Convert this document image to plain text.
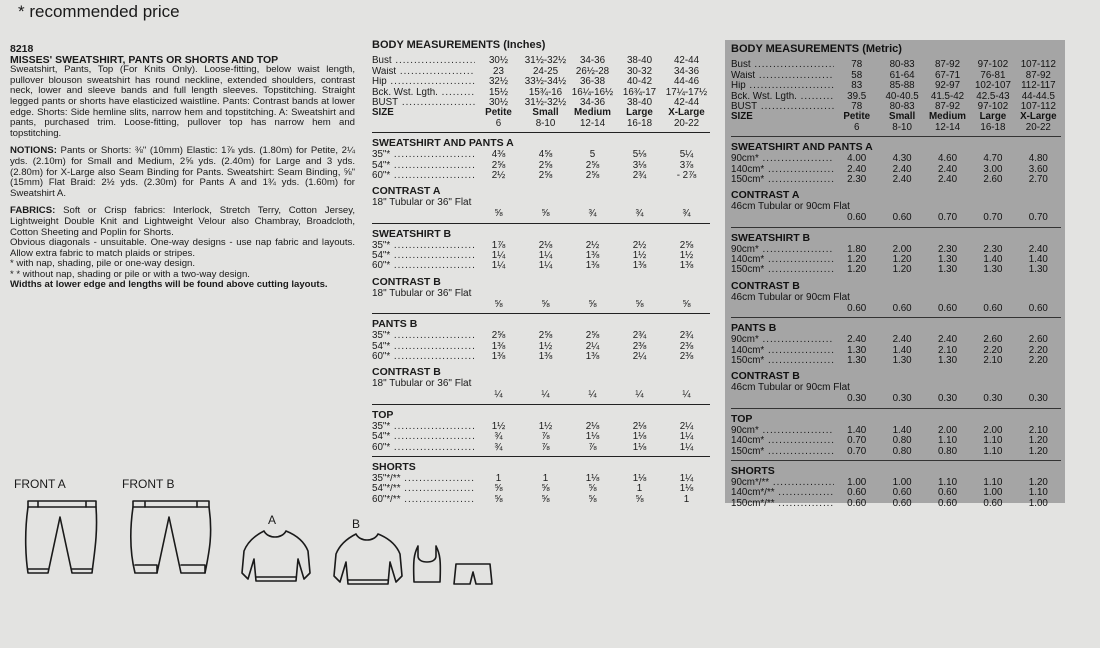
* recommended price
8218
MISSES' SWEATSHIRT, PANTS OR SHORTS AND TOP

Sweatshirt, Pants, Top (For Knits Only). Loose-fitting, below waist length, pullover blouson sweatshirt has round neckline, extended shoulders, contrast neck, lower and sleeve bands and full length sleeves. Topstitching. Straight legged pants or shorts have elasticized waistline. Pants: Contrast bands at lower edge. Shorts: Side hemline slits, narrow hem and topstitching. A: Sweatshirt and pants, purchased trim. Loose-fitting, pullover top has narrow hem and topstitching.

NOTIONS: Pants or Shorts: ⅜" (10mm) Elastic: 1⅞ yds. (1.80m) for Petite, 2¼ yds. (2.10m) for Small and Medium, 2⅝ yds. (2.40m) for Large and 3 yds. (2.80m) for X-Large also Seam Binding for Pants. Sweatshirt: Seam Binding, ⅝" (15mm) Flat Braid: 2½ yds. (2.30m) for Pants A and 1¾ yds. (1.60m) for Sweatshirt A.

FABRICS: Soft or Crisp fabrics: Interlock, Stretch Terry, Cotton Jersey, Lightweight Double Knit and Lightweight Velour also Chambray, Broadcloth, Cotton Sheeting and Poplin for Shorts.

Obvious diagonals - unsuitable. One-way designs - use nap fabric and layouts. Allow extra fabric to match plaids or stripes.

* with nap, shading, pile or one-way design.

* * without nap, shading or pile or with a two-way design.

Widths at lower edge and lengths will be found above cutting layouts.

BODY MEASUREMENTS (Inches)
Bust .....	30½	31½-32½	34-36	38-40	42-44
Waist .....	23	24-25	26½-28	30-32	34-36
Hip .....	32½	33½-34½	36-38	40-42	44-46
Bck. Wst. Lgth. .....	15½	15¾-16 16¼-16½ 16¾-17 17¼-17½
BUST .....	30½	31½-32½	34-36	38-40	42-44
SIZE	Petite	Small	Medium	Large	X-Large
6	8-10	12-14	16-18	20-22
SWEATSHIRT AND PANTS A
35"* .....	4⅜	4⅝	5	5⅛	5¼
54"* .....	2⅝	2⅝	2⅝	3⅛	3⅞
60"* .....	2½	2⅝	2⅝	2¾	- 2⅞
CONTRAST A
18" Tubular or 36" Flat
⅝	⅝	¾	¾	¾
SWEATSHIRT B
35"* .....	1⅞	2⅛	2½	2½	2⅝
54"* .....	1¼	1¼	1⅜	1½	1½
60"* .....	1¼	1¼	1⅜	1⅜	1⅜
CONTRAST B
18" Tubular or 36" Flat
⅝	⅝	⅝	⅝	⅝
PANTS B
35"* .....	2⅝	2⅝	2⅝	2¾	2¾
54"* .....	1⅜	1½	2¼	2⅜	2⅜
60"* .....	1⅜	1⅜	1⅜	2¼	2⅜
CONTRAST B
18" Tubular or 36" Flat
¼	¼	¼	¼	¼
TOP
35"* .....	1½	1½	2⅛	2⅛	2¼
54"* .....	¾	⅞	1⅛	1⅛	1¼
60"* .....	¾	⅞	⅞	1⅛	1¼
SHORTS
35"*/** .....	1	1	1⅛	1⅛	1¼
54"*/** .....	⅝	⅝	⅝	1	1⅛
60"*/** .....	⅝	⅝	⅝	⅝	1
BODY MEASUREMENTS (Metric)
Bust .....	78	80-83	87-92	97-102	107-112
Waist .....	58	61-64	67-71	76-81	87-92
Hip .....	83	85-88	92-97	102-107	112-117
Bck. Wst. Lgth. .....	39.5	40-40.5	41.5-42	42.5-43	44-44.5
BUST .....	78	80-83	87-92	97-102	107-112
SIZE	Petite	Small	Medium	Large	X-Large
6	8-10	12-14	16-18	20-22
SWEATSHIRT AND PANTS A
90cm* .....	4.00	4.30	4.60	4.70	4.80
140cm* .....	2.40	2.40	2.40	3.00	3.60
150cm* .....	2.30	2.40	2.40	2.60	2.70
CONTRAST A
46cm Tubular or 90cm Flat
0.60	0.60	0.70	0.70	0.70
SWEATSHIRT B
90cm* .....	1.80	2.00	2.30	2.30	2.40
140cm* .....	1.20	1.20	1.30	1.40	1.40
150cm* .....	1.20	1.20	1.30	1.30	1.30
CONTRAST B
46cm Tubular or 90cm Flat
0.60	0.60	0.60	0.60	0.60
PANTS B
90cm* .....	2.40	2.40	2.40	2.60	2.60
140cm* .....	1.30	1.40	2.10	2.20	2.20
150cm* .....	1.30	1.30	1.30	2.10	2.20
CONTRAST B
46cm Tubular or 90cm Flat
0.30	0.30	0.30	0.30	0.30
TOP
90cm* .....	1.40	1.40	2.00	2.00	2.10
140cm* .....	0.70	0.80	1.10	1.10	1.20
150cm* .....	0.70	0.80	0.80	1.10	1.20
SHORTS
90cm*/** .....	1.00	1.00	1.10	1.10	1.20
140cm*/** .....	0.60	0.60	0.60	1.00	1.10
150cm*/** .....	0.60	0.60	0.60	0.60	1.00
FRONT A	FRONT B
A	B
